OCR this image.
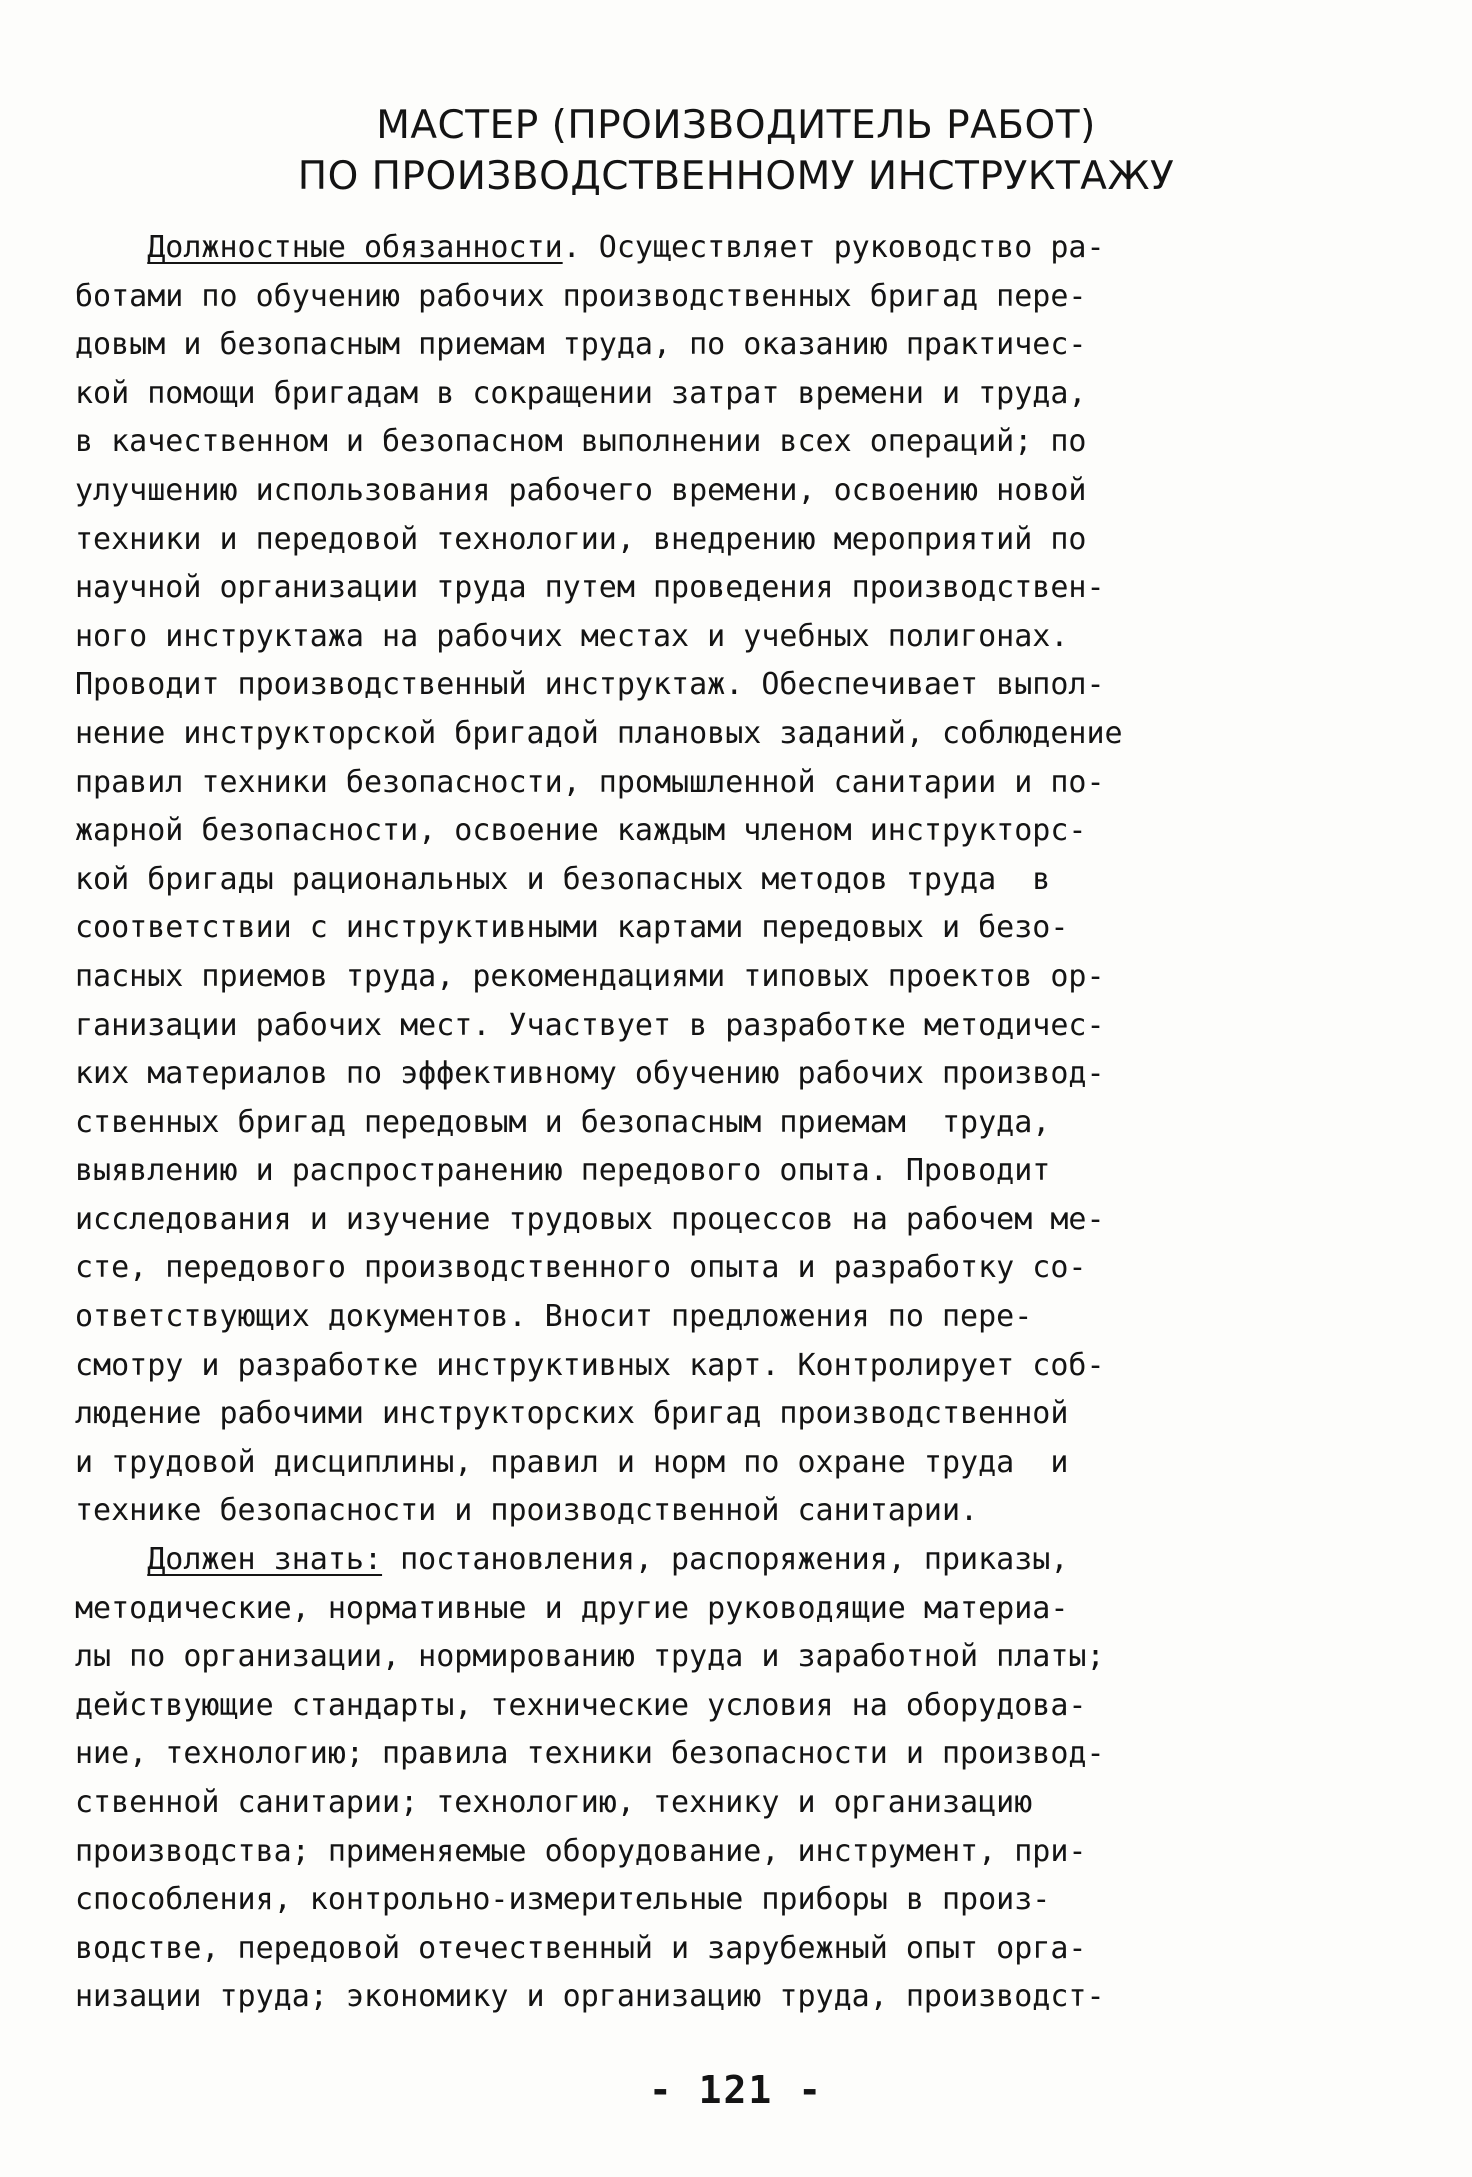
МАСТЕР (ПРОИЗВОДИТЕЛЬ РАБОТ)
ПО ПРОИЗВОДСТВЕННОМУ ИНСТРУКТАЖУ
Должностные обязанности. Осуществляет руководство ра-
ботами по обучению рабочих производственных бригад пере-
довым и безопасным приемам труда, по оказанию практичес-
кой помощи бригадам в сокращении затрат времени и труда,
в качественном и безопасном выполнении всех операций; по
улучшению использования рабочего времени, освоению новой
техники и передовой технологии, внедрению мероприятий по
научной организации труда путем проведения производствен-
ного инструктажа на рабочих местах и учебных полигонах.
Проводит производственный инструктаж. Обеспечивает выпол-
нение инструкторской бригадой плановых заданий, соблюдение
правил техники безопасности, промышленной санитарии и по-
жарной безопасности, освоение каждым членом инструкторс-
кой бригады рациональных и безопасных методов труда  в
соответствии с инструктивными картами передовых и безо-
пасных приемов труда, рекомендациями типовых проектов ор-
ганизации рабочих мест. Участвует в разработке методичес-
ких материалов по эффективному обучению рабочих производ-
ственных бригад передовым и безопасным приемам  труда,
выявлению и распространению передового опыта. Проводит
исследования и изучение трудовых процессов на рабочем ме-
сте, передового производственного опыта и разработку со-
ответствующих документов. Вносит предложения по пере-
смотру и разработке инструктивных карт. Контролирует соб-
людение рабочими инструкторских бригад производственной
и трудовой дисциплины, правил и норм по охране труда  и
технике безопасности и производственной санитарии.
Должен знать: постановления, распоряжения, приказы,
методические, нормативные и другие руководящие материа-
лы по организации, нормированию труда и заработной платы;
действующие стандарты, технические условия на оборудова-
ние, технологию; правила техники безопасности и производ-
ственной санитарии; технологию, технику и организацию
производства; применяемые оборудование, инструмент, при-
способления, контрольно-измерительные приборы в произ-
водстве, передовой отечественный и зарубежный опыт орга-
низации труда; экономику и организацию труда, производст-
- 121 -
